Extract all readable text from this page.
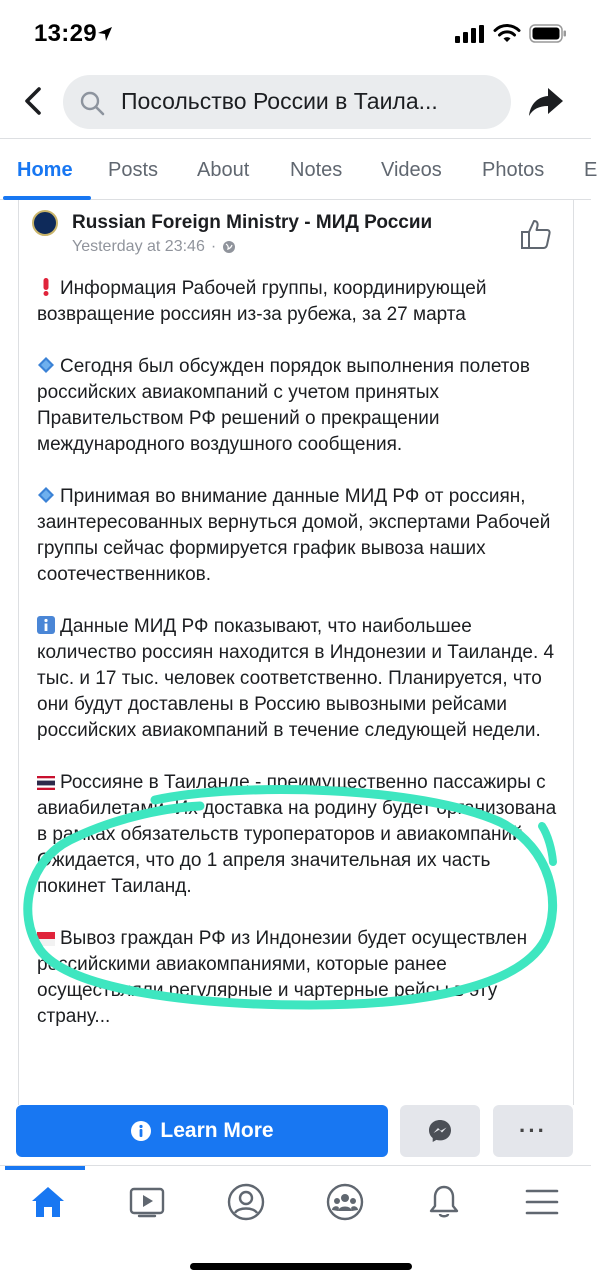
13:29
Посольство России в Таила...
Home Posts About Notes Videos Photos E
Russian Foreign Ministry - МИД России
Yesterday at 23:46 ·

Информация Рабочей группы, координирующей возвращение россиян из-за рубежа, за 27 марта

Сегодня был обсужден порядок выполнения полетов российских авиакомпаний с учетом принятых Правительством РФ решений о прекращении международного воздушного сообщения.

Принимая во внимание данные МИД РФ от россиян, заинтересованных вернуться домой, экспертами Рабочей группы сейчас формируется график вывоза наших соотечественников.

Данные МИД РФ показывают, что наибольшее количество россиян находится в Индонезии и Таиланде. 4 тыс. и 17 тыс. человек соответственно. Планируется, что они будут доставлены в Россию вывозными рейсами российских авиакомпаний в течение следующей недели.

Россияне в Таиланде - преимущественно пассажиры с авиабилетами. Их доставка на родину будет организована в рамках обязательств туроператоров и авиакомпаний. Ожидается, что до 1 апреля значительная их часть покинет Таиланд.

Вывоз граждан РФ из Индонезии будет осуществлен российскими авиакомпаниями, которые ранее осуществляли регулярные и чартерные рейсы в эту страну...

Learn More	···
